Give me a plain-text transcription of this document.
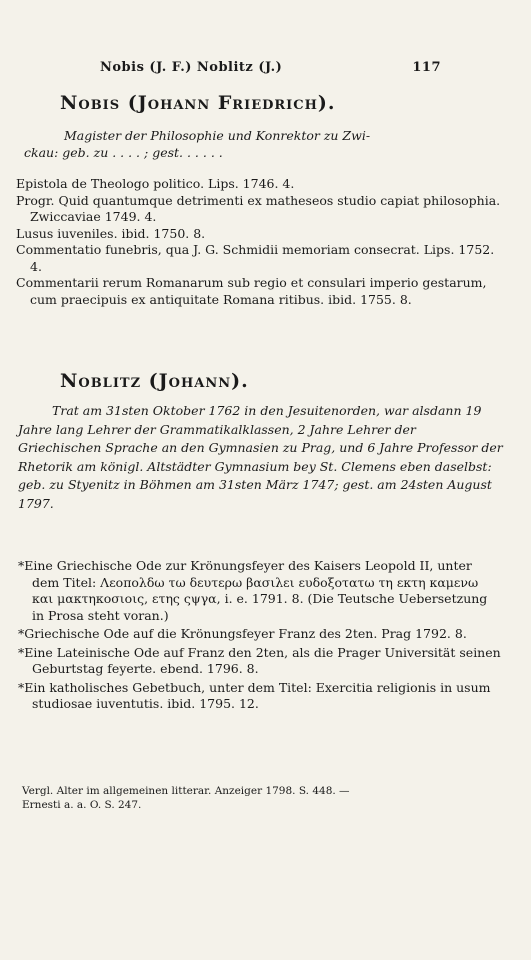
Nobis (J. F.) Noblitz (J.)	117
Nobis (Johann Friedrich).
Magister der Philosophie und Konrektor zu Zwi-
ckau: geb. zu . . . . ; gest. . . . . .

Epistola de Theologo politico. Lips. 1746. 4.

Progr. Quid quantumque detrimenti ex matheseos studio capiat philosophia. Zwiccaviae 1749. 4.

Lusus iuveniles. ibid. 1750. 8.

Commentatio funebris, qua J. G. Schmidii memoriam consecrat. Lips. 1752. 4.

Commentarii rerum Romanarum sub regio et consulari imperio gestarum, cum praecipuis ex antiquitate Romana ritibus. ibid. 1755. 8.

Noblitz (Johann).

Trat am 31sten Oktober 1762 in den Jesuitenorden, war alsdann 19 Jahre lang Lehrer der Grammatikalklassen, 2 Jahre Lehrer der Griechischen Sprache an den Gymnasien zu Prag, und 6 Jahre Professor der Rhetorik am königl. Altstädter Gymnasium bey St. Clemens eben daselbst: geb. zu Styenitz in Böhmen am 31sten März 1747; gest. am 24sten August 1797.

*Eine Griechische Ode zur Krönungsfeyer des Kaisers Leopold II, unter dem Titel: Λεοπολδω τω δευτερω βασιλει ευδοξοτατω τη εκτη καμενω και μακτηκοσιοις, ετης ςψγα, i. e. 1791. 8. (Die Teutsche Uebersetzung in Prosa steht voran.)

*Griechische Ode auf die Krönungsfeyer Franz des 2ten. Prag 1792. 8.

*Eine Lateinische Ode auf Franz den 2ten, als die Prager Universität seinen Geburtstag feyerte. ebend. 1796. 8.

*Ein katholisches Gebetbuch, unter dem Titel: Exercitia religionis in usum studiosae iuventutis. ibid. 1795. 12.

Vergl. Alter im allgemeinen litterar. Anzeiger 1798. S. 448. —
Ernesti a. a. O. S. 247.
